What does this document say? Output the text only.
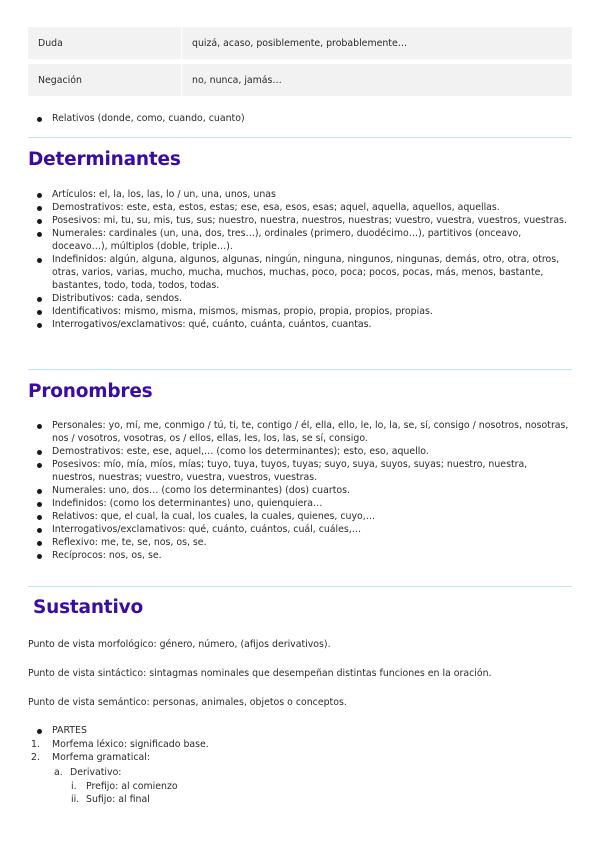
Duda	quizá, acaso, posiblemente, probablemente…
Negación	no, nunca, jamás…
Relativos (donde, como, cuando, cuanto)
Determinantes
Artículos: el, la, los, las, lo / un, una, unos, unas
Demostrativos: este, esta, estos, estas; ese, esa, esos, esas; aquel, aquella, aquellos, aquellas.
Posesivos: mi, tu, su, mis, tus, sus; nuestro, nuestra, nuestros, nuestras; vuestro, vuestra, vuestros, vuestras.
Numerales: cardinales (un, una, dos, tres…), ordinales (primero, duodécimo…), partitivos (onceavo, doceavo…), múltiplos (doble, triple…).
Indefinidos: algún, alguna, algunos, algunas, ningún, ninguna, ningunos, ningunas, demás, otro, otra, otros, otras, varios, varias, mucho, mucha, muchos, muchas, poco, poca; pocos, pocas, más, menos, bastante, bastantes, todo, toda, todos, todas.
Distributivos: cada, sendos.
Identificativos: mismo, misma, mismos, mismas, propio, propia, propios, propias.
Interrogativos/exclamativos: qué, cuánto, cuánta, cuántos, cuantas.
Pronombres
Personales: yo, mí, me, conmigo / tú, ti, te, contigo / él, ella, ello, le, lo, la, se, sí, consigo / nosotros, nosotras, nos / vosotros, vosotras, os / ellos, ellas, les, los, las, se sí, consigo.
Demostrativos: este, ese, aquel,… (como los determinantes); esto, eso, aquello.
Posesivos: mío, mía, míos, mías; tuyo, tuya, tuyos, tuyas; suyo, suya, suyos, suyas; nuestro, nuestra, nuestros, nuestras; vuestro, vuestra, vuestros, vuestras.
Numerales: uno, dos… (como los determinantes) (dos) cuartos.
Indefinidos: (como los determinantes) uno, quienquiera…
Relativos: que, el cual, la cual, los cuales, la cuales, quienes, cuyo,…
Interrogativos/exclamativos: qué, cuánto, cuántos, cuál, cuáles,…
Reflexivo: me, te, se, nos, os, se.
Recíprocos: nos, os, se.
Sustantivo
Punto de vista morfológico: género, número, (afijos derivativos).
Punto de vista sintáctico: sintagmas nominales que desempeñan distintas funciones en la oración.
Punto de vista semántico: personas, animales, objetos o conceptos.
PARTES
1. Morfema léxico: significado base.
2. Morfema gramatical:
a. Derivativo:
i. Prefijo: al comienzo
ii. Sufijo: al final
